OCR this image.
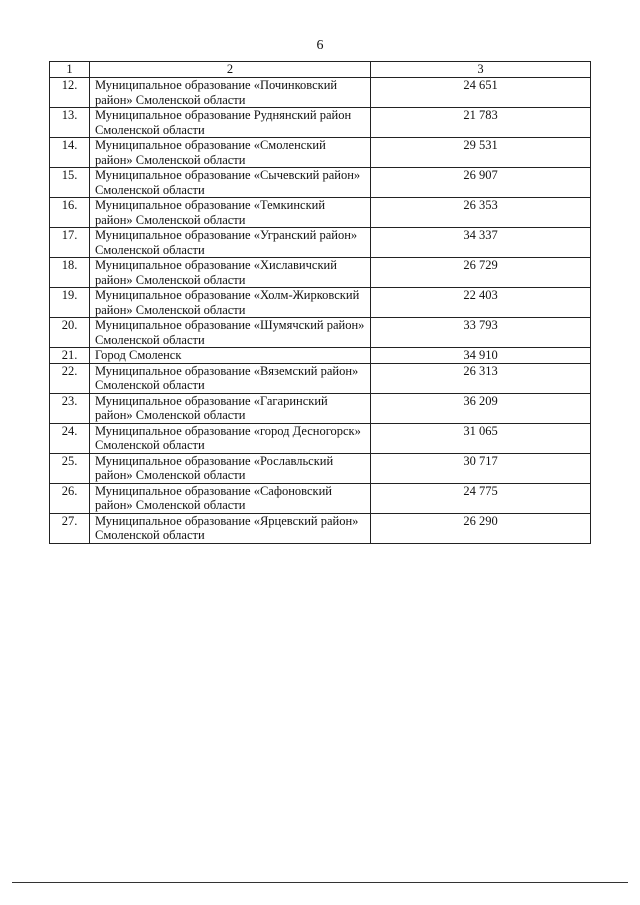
6
1	2	3
12.	Муниципальное образование «Починковский район» Смоленской области	24 651
13.	Муниципальное образование Руднянский район Смоленской области	21 783
14.	Муниципальное образование «Смоленский район» Смоленской области	29 531
15.	Муниципальное образование «Сычевский район» Смоленской области	26 907
16.	Муниципальное образование «Темкинский район» Смоленской области	26 353
17.	Муниципальное образование «Угранский район» Смоленской области	34 337
18.	Муниципальное образование «Хиславичский район» Смоленской области	26 729
19.	Муниципальное образование «Холм-Жирковский район» Смоленской области	22 403
20.	Муниципальное образование «Шумячский район» Смоленской области	33 793
21.	Город Смоленск	34 910
22.	Муниципальное образование «Вяземский район» Смоленской области	26 313
23.	Муниципальное образование «Гагаринский район» Смоленской области	36 209
24.	Муниципальное образование «город Десногорск» Смоленской области	31 065
25.	Муниципальное образование «Рославльский район» Смоленской области	30 717
26.	Муниципальное образование «Сафоновский район» Смоленской области	24 775
27.	Муниципальное образование «Ярцевский район» Смоленской области	26 290
